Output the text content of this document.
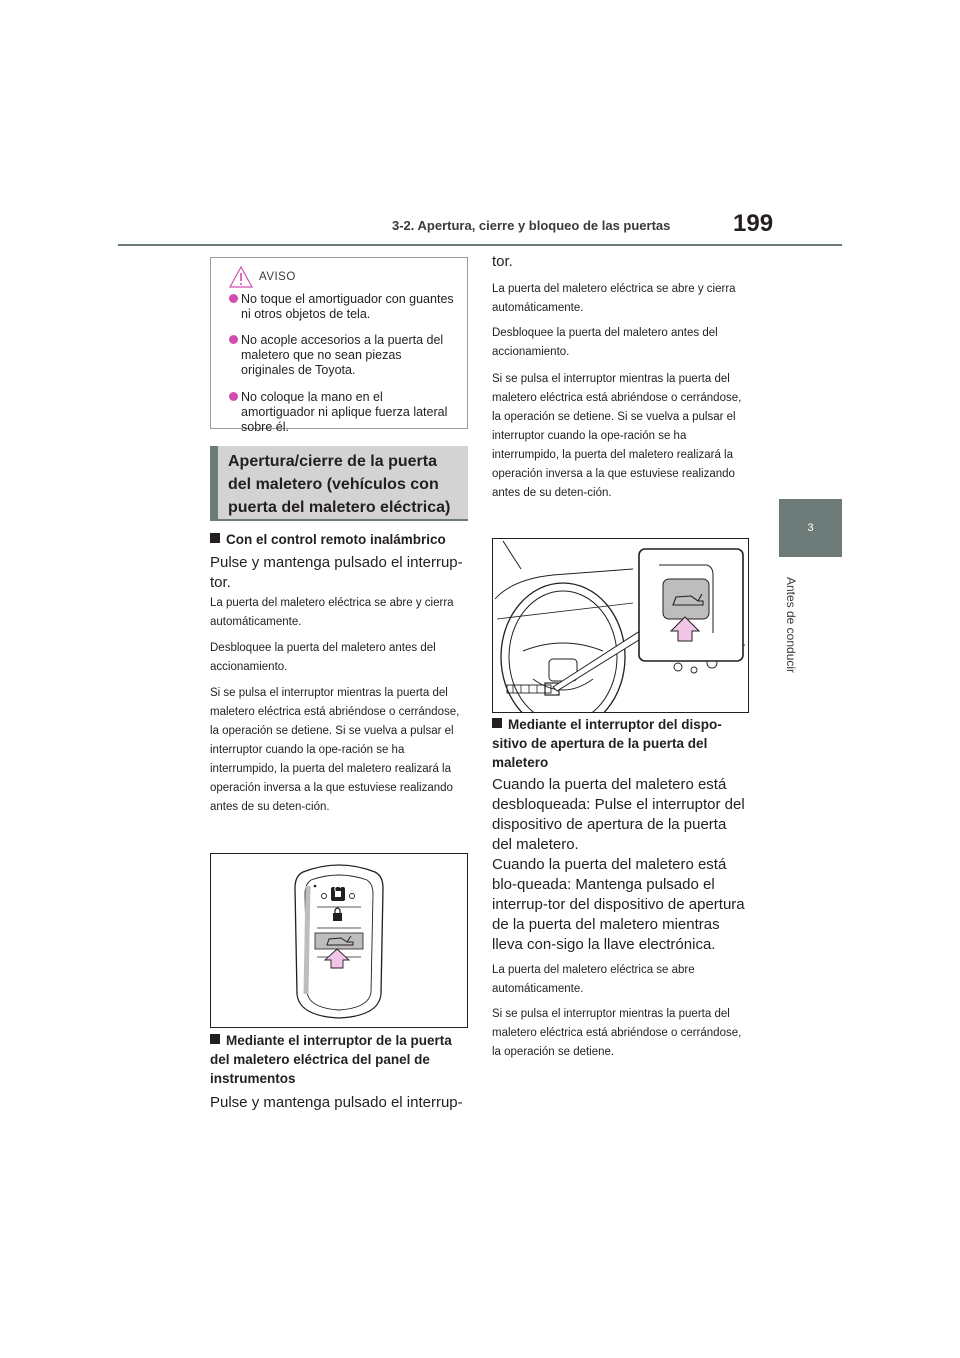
3-2. Apertura, cierre y bloqueo de las puertas	199
3
Antes de conducir
AVISO
No toque el amortiguador con guantes ni otros objetos de tela.
No acople accesorios a la puerta del maletero que no sean piezas originales de Toyota.
No coloque la mano en el amortiguador ni aplique fuerza lateral sobre él.
Apertura/cierre de la puerta del maletero (vehículos con puerta del maletero eléctrica)
Con el control remoto inalámbrico
Pulse y mantenga pulsado el interrup-tor.
La puerta del maletero eléctrica se abre y cierra automáticamente.
Desbloquee la puerta del maletero antes del accionamiento.
Si se pulsa el interruptor mientras la puerta del maletero eléctrica está abriéndose o cerrándose, la operación se detiene. Si se vuelva a pulsar el interruptor cuando la ope-ración se ha interrumpido, la puerta del maletero realizará la operación inversa a la que estuviese realizando antes de su deten-ción.
Mediante el interruptor de la puerta del maletero eléctrica del panel de instrumentos
Pulse y mantenga pulsado el interrup-
tor.
La puerta del maletero eléctrica se abre y cierra automáticamente.
Desbloquee la puerta del maletero antes del accionamiento.
Si se pulsa el interruptor mientras la puerta del maletero eléctrica está abriéndose o cerrándose, la operación se detiene. Si se vuelva a pulsar el interruptor cuando la ope-ración se ha interrumpido, la puerta del maletero realizará la operación inversa a la que estuviese realizando antes de su deten-ción.
Mediante el interruptor del dispo-sitivo de apertura de la puerta del maletero
Cuando la puerta del maletero está desbloqueada: Pulse el interruptor del dispositivo de apertura de la puerta del maletero.
Cuando la puerta del maletero está blo-queada: Mantenga pulsado el interrup-tor del dispositivo de apertura de la puerta del maletero mientras lleva con-sigo la llave electrónica.
La puerta del maletero eléctrica se abre automáticamente.
Si se pulsa el interruptor mientras la puerta del maletero eléctrica está abriéndose o cerrándose, la operación se detiene.
